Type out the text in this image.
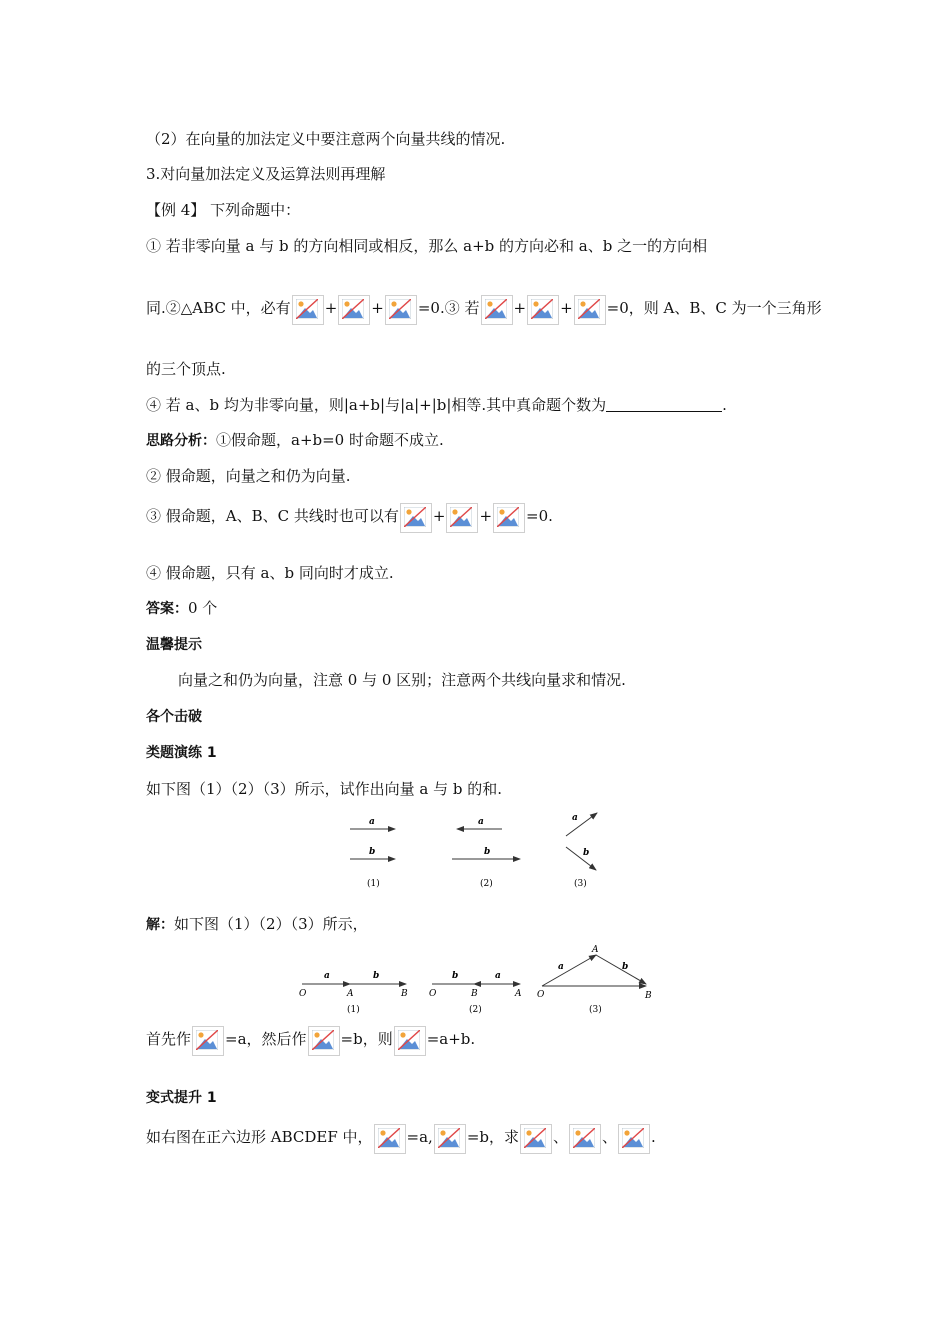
（2）在向量的加法定义中要注意两个向量共线的情况.
3.对向量加法定义及运算法则再理解
【例 4】 下列命题中：
① 若非零向量 a 与 b 的方向相同或相反，那么 a+b 的方向必和 a、b 之一的方向相
同.②△ABC 中，必有 + + =0.③ 若 + + =0，则 A、B、C 为一个三角形
的三个顶点.
④ 若 a、b 均为非零向量，则|a+b|与|a|+|b|相等.其中真命题个数为	.
思路分析：①假命题，a+b=0 时命题不成立.
② 假命题，向量之和仍为向量.
③ 假命题，A、B、C 共线时也可以有 + + =0.
④ 假命题，只有 a、b 同向时才成立.
答案：0 个
温馨提示
向量之和仍为向量，注意 0 与 0 区别；注意两个共线向量求和情况.
各个击破
类题演练 1
如下图（1）（2）（3）所示，试作出向量 a 与 b 的和.
解：如下图（1）（2）（3）所示，
首先作 =a，然后作 =b，则 =a+b.
变式提升 1
如右图在正六边形 ABCDEF 中， =a, =b，求 、 、 .
a
b
(1)
a
b
(2)
a
b
(3)
a	b
O	A	B
(1)
b	a
O	B	A
(2)
a	b
A
O	B
(3)
